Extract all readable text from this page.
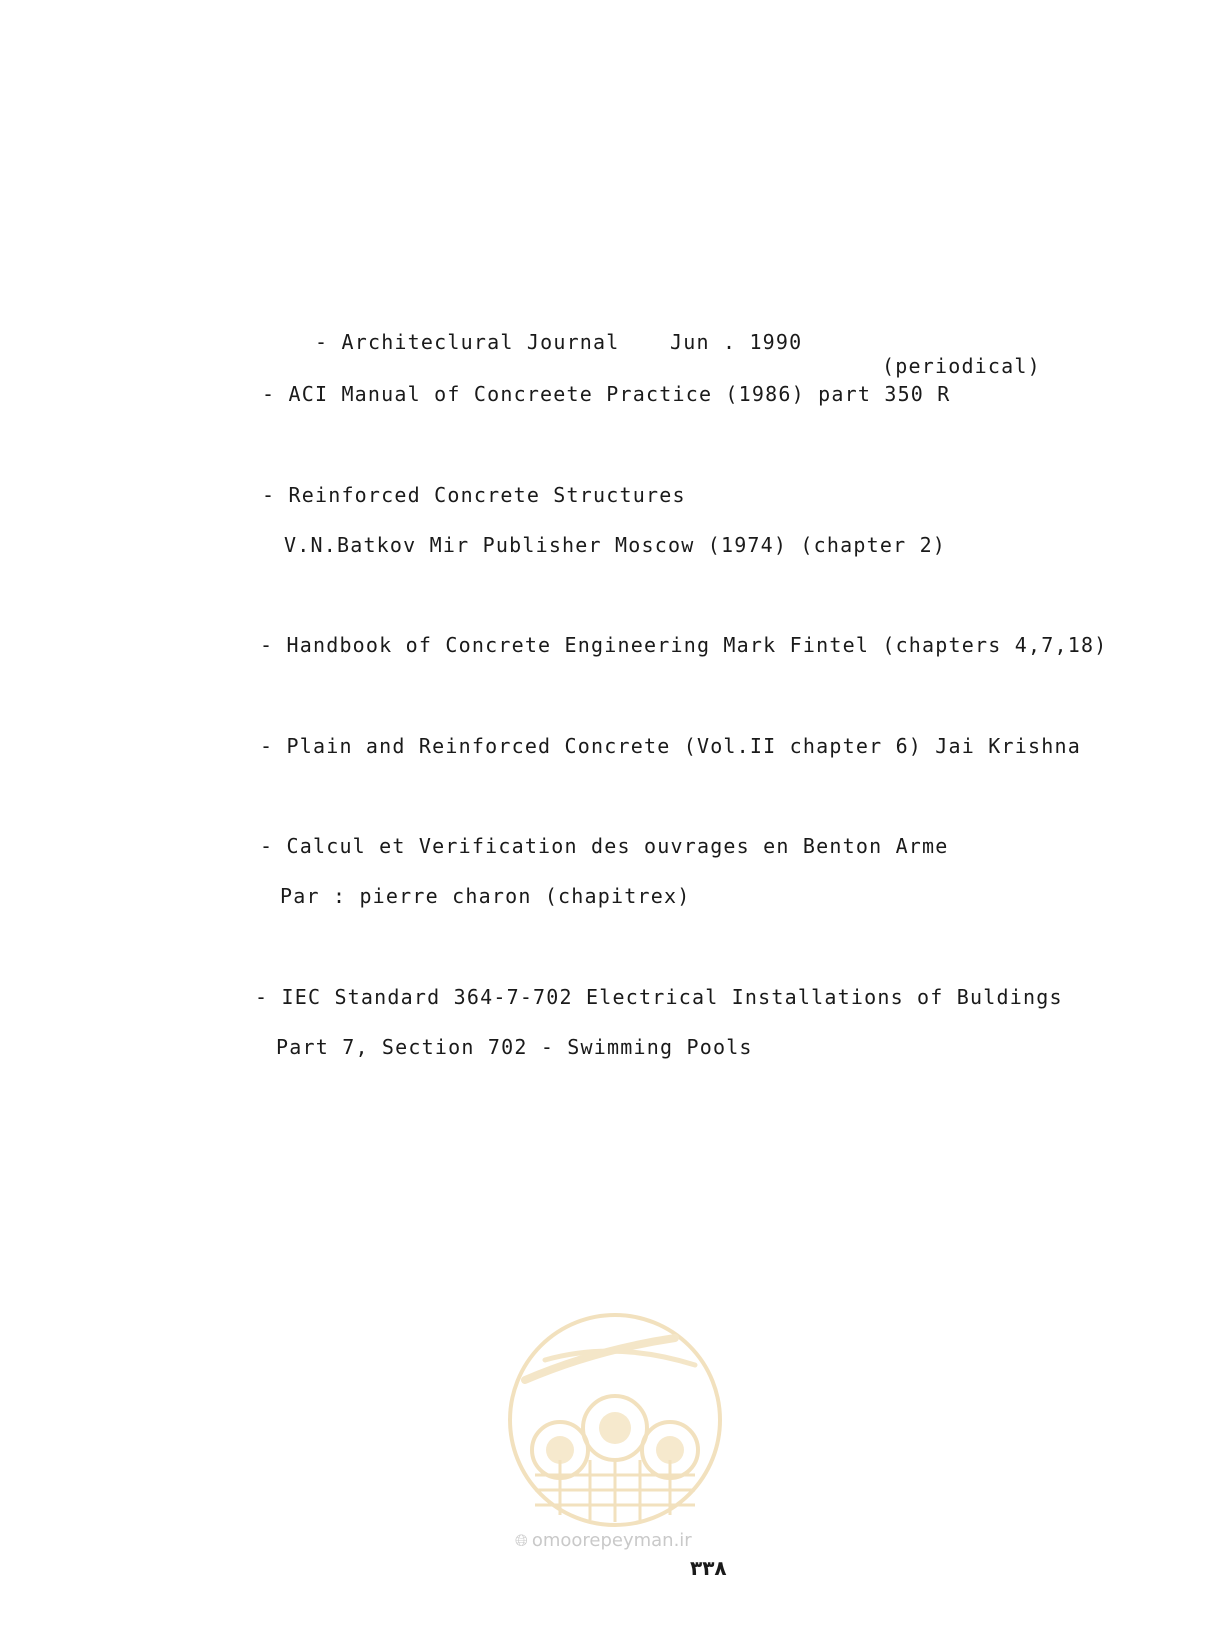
- Architeclural Journal

	Jun . 1990

(periodical)

- ACI Manual of Concreete Practice (1986) part 350 R
- Reinforced Concrete Structures
V.N.Batkov Mir Publisher Moscow (1974) (chapter 2)
- Handbook of Concrete Engineering Mark Fintel (chapters 4,7,18)
- Plain and Reinforced Concrete (Vol.II chapter 6) Jai Krishna
- Calcul et Verification des ouvrages en Benton Arme
Par : pierre charon (chapitrex)
- IEC Standard 364-7-702 Electrical Installations of Buldings
Part 7, Section 702 - Swimming Pools
🌐︎ omoorepeyman.ir
۳۳۸
